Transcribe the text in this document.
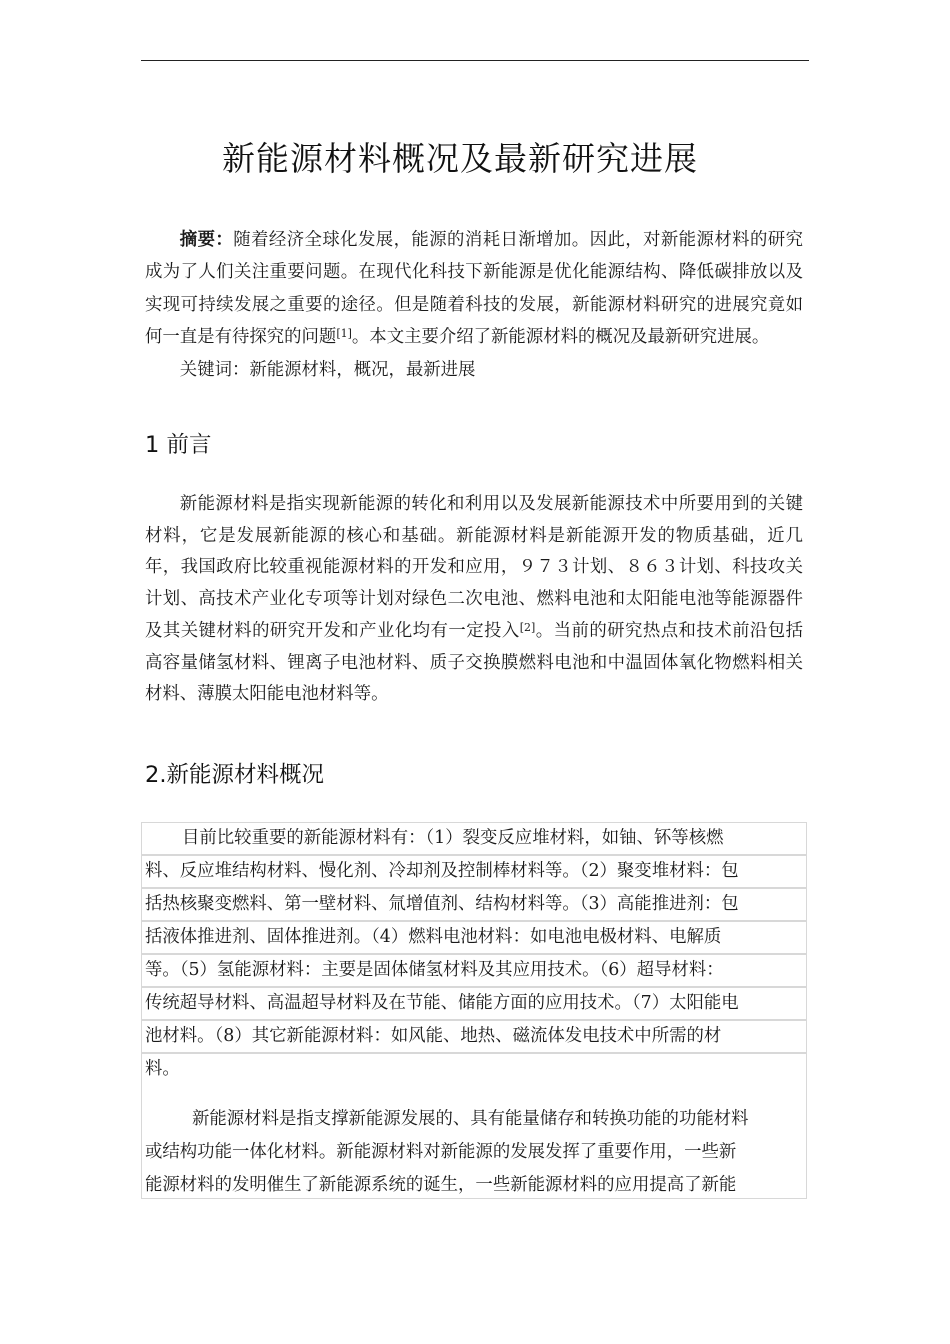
新能源材料概况及最新研究进展

摘要：随着经济全球化发展，能源的消耗日渐增加。因此，对新能源材料的研究成为了人们关注重要问题。在现代化科技下新能源是优化能源结构、降低碳排放以及实现可持续发展之重要的途径。但是随着科技的发展，新能源材料研究的进展究竟如何一直是有待探究的问题[1]。本文主要介绍了新能源材料的概况及最新研究进展。

关键词：新能源材料，概况，最新进展

1 前言

新能源材料是指实现新能源的转化和利用以及发展新能源技术中所要用到的关键材料，它是发展新能源的核心和基础。新能源材料是新能源开发的物质基础，近几年，我国政府比较重视能源材料的开发和应用，９７３计划、８６３计划、科技攻关计划、高技术产业化专项等计划对绿色二次电池、燃料电池和太阳能电池等能源器件及其关键材料的研究开发和产业化均有一定投入[2]。当前的研究热点和技术前沿包括高容量储氢材料、锂离子电池材料、质子交换膜燃料电池和中温固体氧化物燃料相关材料、薄膜太阳能电池材料等。

2.新能源材料概况
目前比较重要的新能源材料有：（1）裂变反应堆材料，如铀、钚等核燃
料、反应堆结构材料、慢化剂、冷却剂及控制棒材料等。（2）聚变堆材料：包
括热核聚变燃料、第一壁材料、氚增值剂、结构材料等。（3）高能推进剂：包
括液体推进剂、固体推进剂。（4）燃料电池材料：如电池电极材料、电解质
等。（5）氢能源材料：主要是固体储氢材料及其应用技术。（6）超导材料：
传统超导材料、高温超导材料及在节能、储能方面的应用技术。（7）太阳能电
池材料。（8）其它新能源材料：如风能、地热、磁流体发电技术中所需的材
料。

新能源材料是指支撑新能源发展的、具有能量储存和转换功能的功能材料

或结构功能一体化材料。新能源材料对新能源的发展发挥了重要作用，一些新

能源材料的发明催生了新能源系统的诞生，一些新能源材料的应用提高了新能
